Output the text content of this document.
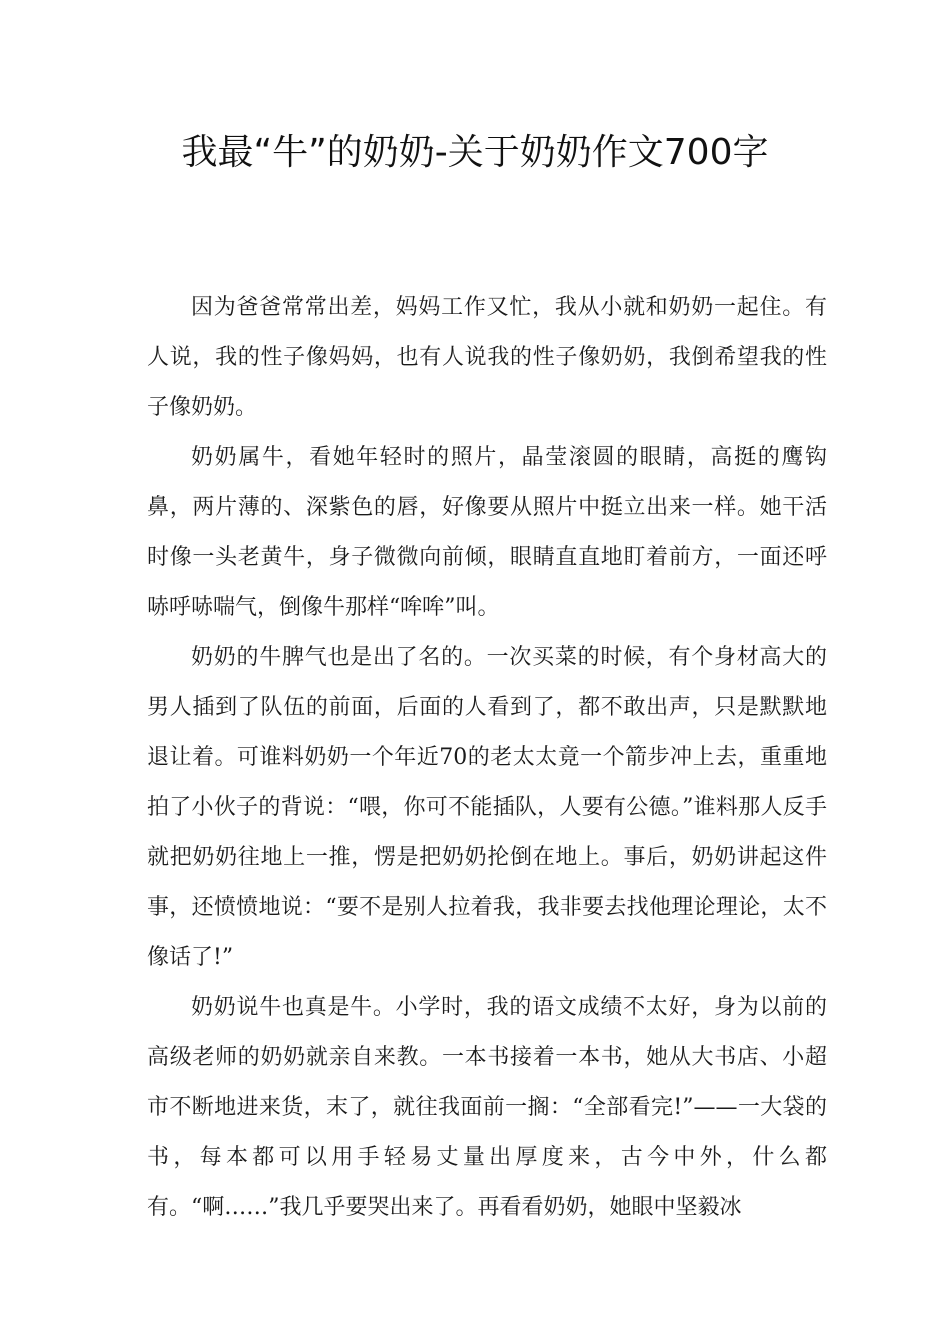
我最“牛”的奶奶-关于奶奶作文700字

因为爸爸常常出差，妈妈工作又忙，我从小就和奶奶一起住。有人说，我的性子像妈妈，也有人说我的性子像奶奶，我倒希望我的性子像奶奶。

奶奶属牛，看她年轻时的照片，晶莹滚圆的眼睛，高挺的鹰钩鼻，两片薄的、深紫色的唇，好像要从照片中挺立出来一样。她干活时像一头老黄牛，身子微微向前倾，眼睛直直地盯着前方，一面还呼哧呼哧喘气，倒像牛那样“哞哞”叫。

奶奶的牛脾气也是出了名的。一次买菜的时候，有个身材高大的男人插到了队伍的前面，后面的人看到了，都不敢出声，只是默默地退让着。可谁料奶奶一个年近70的老太太竟一个箭步冲上去，重重地拍了小伙子的背说：“喂，你可不能插队，人要有公德。”谁料那人反手就把奶奶往地上一推，愣是把奶奶抡倒在地上。事后，奶奶讲起这件事，还愤愤地说：“要不是别人拉着我，我非要去找他理论理论，太不像话了!”

奶奶说牛也真是牛。小学时，我的语文成绩不太好，身为以前的高级老师的奶奶就亲自来教。一本书接着一本书，她从大书店、小超市不断地进来货，末了，就往我面前一搁：“全部看完!”——一大袋的书，每本都可以用手轻易丈量出厚度来，古今中外，什么都有。“啊……”我几乎要哭出来了。再看看奶奶，她眼中坚毅冰
